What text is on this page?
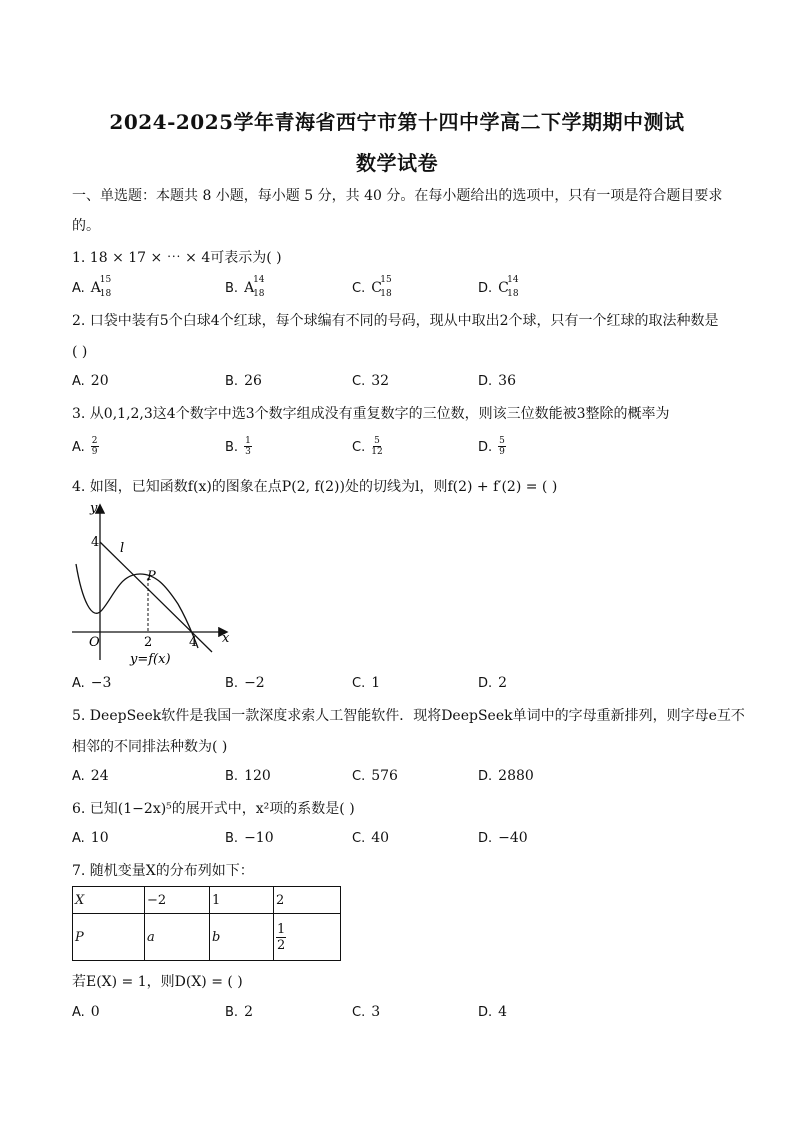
2024-2025学年青海省西宁市第十四中学高二下学期期中测试
数学试卷
一、单选题：本题共 8 小题，每小题 5 分，共 40 分。在每小题给出的选项中，只有一项是符合题目要求
的。
1. 18 × 17 × ⋯ × 4可表示为( )
A. A
15
18	B. A
14
18	C. C
15
18	D. C
14
18
2. 口袋中装有5个白球4个红球，每个球编有不同的号码，现从中取出2个球，只有一个红球的取法种数是
( )
A. 20	B. 26	C. 32	D. 36
3. 从0,1,2,3这4个数字中选3个数字组成没有重复数字的三位数，则该三位数能被3整除的概率为
A. $\frac{2}{9}$	B. $\frac{1}{3}$	C. $\frac{5}{12}$	D. $\frac{5}{9}$
4. 如图，已知函数f(x)的图象在点P(2, f(2))处的切线为l，则f(2) + f′(2) = ( )
y
x
O
4
2	4
l
P
y=f(x)
A. −3	B. −2	C. 1	D. 2
5. DeepSeek软件是我国一款深度求索人工智能软件．现将DeepSeek单词中的字母重新排列，则字母e互不
相邻的不同排法种数为( )
A. 24	B. 120	C. 576	D. 2880
6. 已知(1−2x)⁵的展开式中，x²项的系数是( )
A. 10	B. −10	C. 40	D. −40
7. 随机变量X的分布列如下：
X	−2	1	2
P	a	b	$\frac{1}{2}$
若E(X) = 1，则D(X) = ( )
A. 0	B. 2	C. 3	D. 4
